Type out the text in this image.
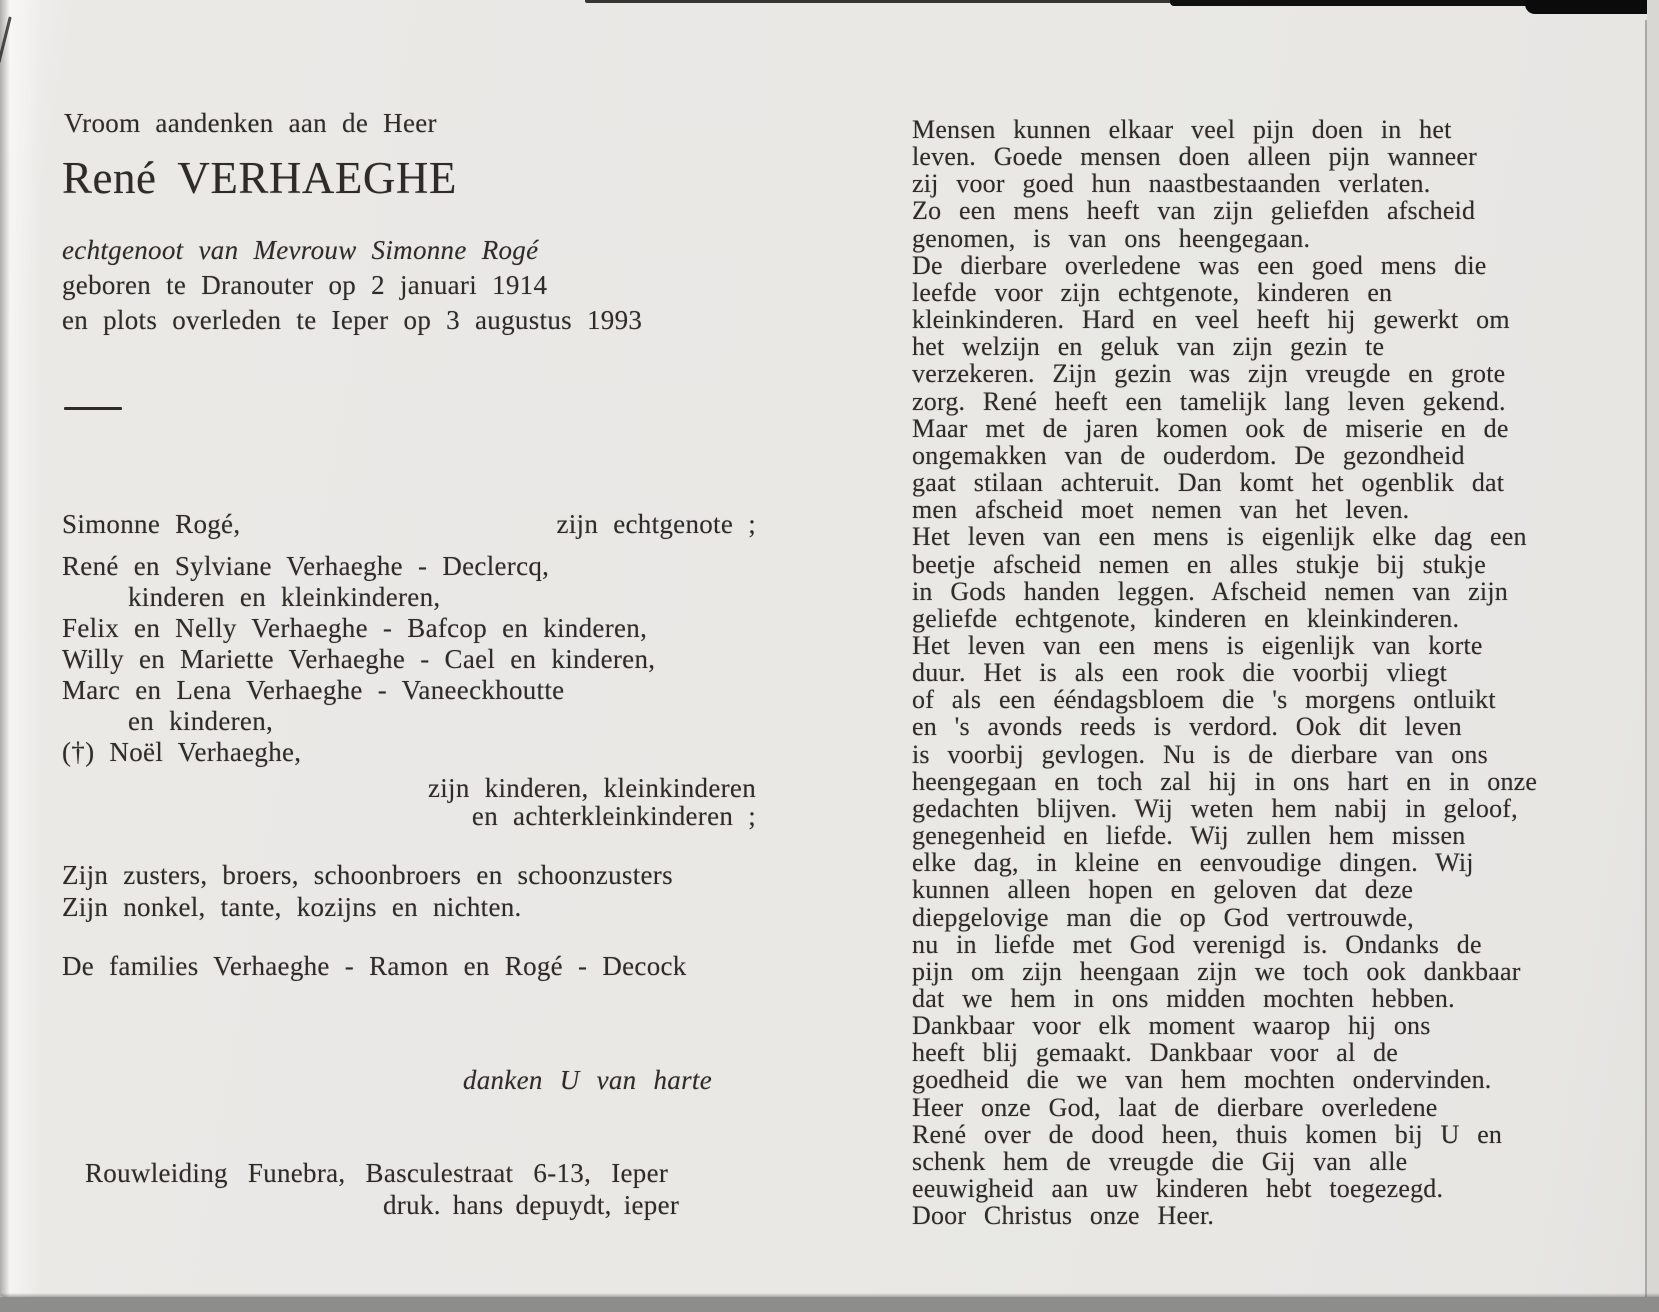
Vroom aandenken aan de Heer
René VERHAEGHE
echtgenoot van Mevrouw Simonne Rogé
geboren te Dranouter op 2 januari 1914
en plots overleden te Ieper op 3 augustus 1993
Simonne Rogé,	zijn echtgenote ;
René en Sylviane Verhaeghe - Declercq,
kinderen en kleinkinderen,
Felix en Nelly Verhaeghe - Bafcop en kinderen,
Willy en Mariette Verhaeghe - Cael en kinderen,
Marc en Lena Verhaeghe - Vaneeckhoutte
en kinderen,
(†) Noël Verhaeghe,
zijn kinderen, kleinkinderen
en achterkleinkinderen ;
Zijn zusters, broers, schoonbroers en schoonzusters
Zijn nonkel, tante, kozijns en nichten.
De families Verhaeghe - Ramon en Rogé - Decock
danken U van harte
Rouwleiding Funebra, Basculestraat 6-13, Ieper
druk. hans depuydt, ieper
Mensen kunnen elkaar veel pijn doen in het
leven. Goede mensen doen alleen pijn wanneer
zij voor goed hun naastbestaanden verlaten.
Zo een mens heeft van zijn geliefden afscheid
genomen, is van ons heengegaan.
De dierbare overledene was een goed mens die
leefde voor zijn echtgenote, kinderen en
kleinkinderen. Hard en veel heeft hij gewerkt om
het welzijn en geluk van zijn gezin te
verzekeren. Zijn gezin was zijn vreugde en grote
zorg. René heeft een tamelijk lang leven gekend.
Maar met de jaren komen ook de miserie en de
ongemakken van de ouderdom. De gezondheid
gaat stilaan achteruit. Dan komt het ogenblik dat
men afscheid moet nemen van het leven.
Het leven van een mens is eigenlijk elke dag een
beetje afscheid nemen en alles stukje bij stukje
in Gods handen leggen. Afscheid nemen van zijn
geliefde echtgenote, kinderen en kleinkinderen.
Het leven van een mens is eigenlijk van korte
duur. Het is als een rook die voorbij vliegt
of als een ééndagsbloem die 's morgens ontluikt
en 's avonds reeds is verdord. Ook dit leven
is voorbij gevlogen. Nu is de dierbare van ons
heengegaan en toch zal hij in ons hart en in onze
gedachten blijven. Wij weten hem nabij in geloof,
genegenheid en liefde. Wij zullen hem missen
elke dag, in kleine en eenvoudige dingen. Wij
kunnen alleen hopen en geloven dat deze
diepgelovige man die op God vertrouwde,
nu in liefde met God verenigd is. Ondanks de
pijn om zijn heengaan zijn we toch ook dankbaar
dat we hem in ons midden mochten hebben.
Dankbaar voor elk moment waarop hij ons
heeft blij gemaakt. Dankbaar voor al de
goedheid die we van hem mochten ondervinden.
Heer onze God, laat de dierbare overledene
René over de dood heen, thuis komen bij U en
schenk hem de vreugde die Gij van alle
eeuwigheid aan uw kinderen hebt toegezegd.
Door Christus onze Heer.
